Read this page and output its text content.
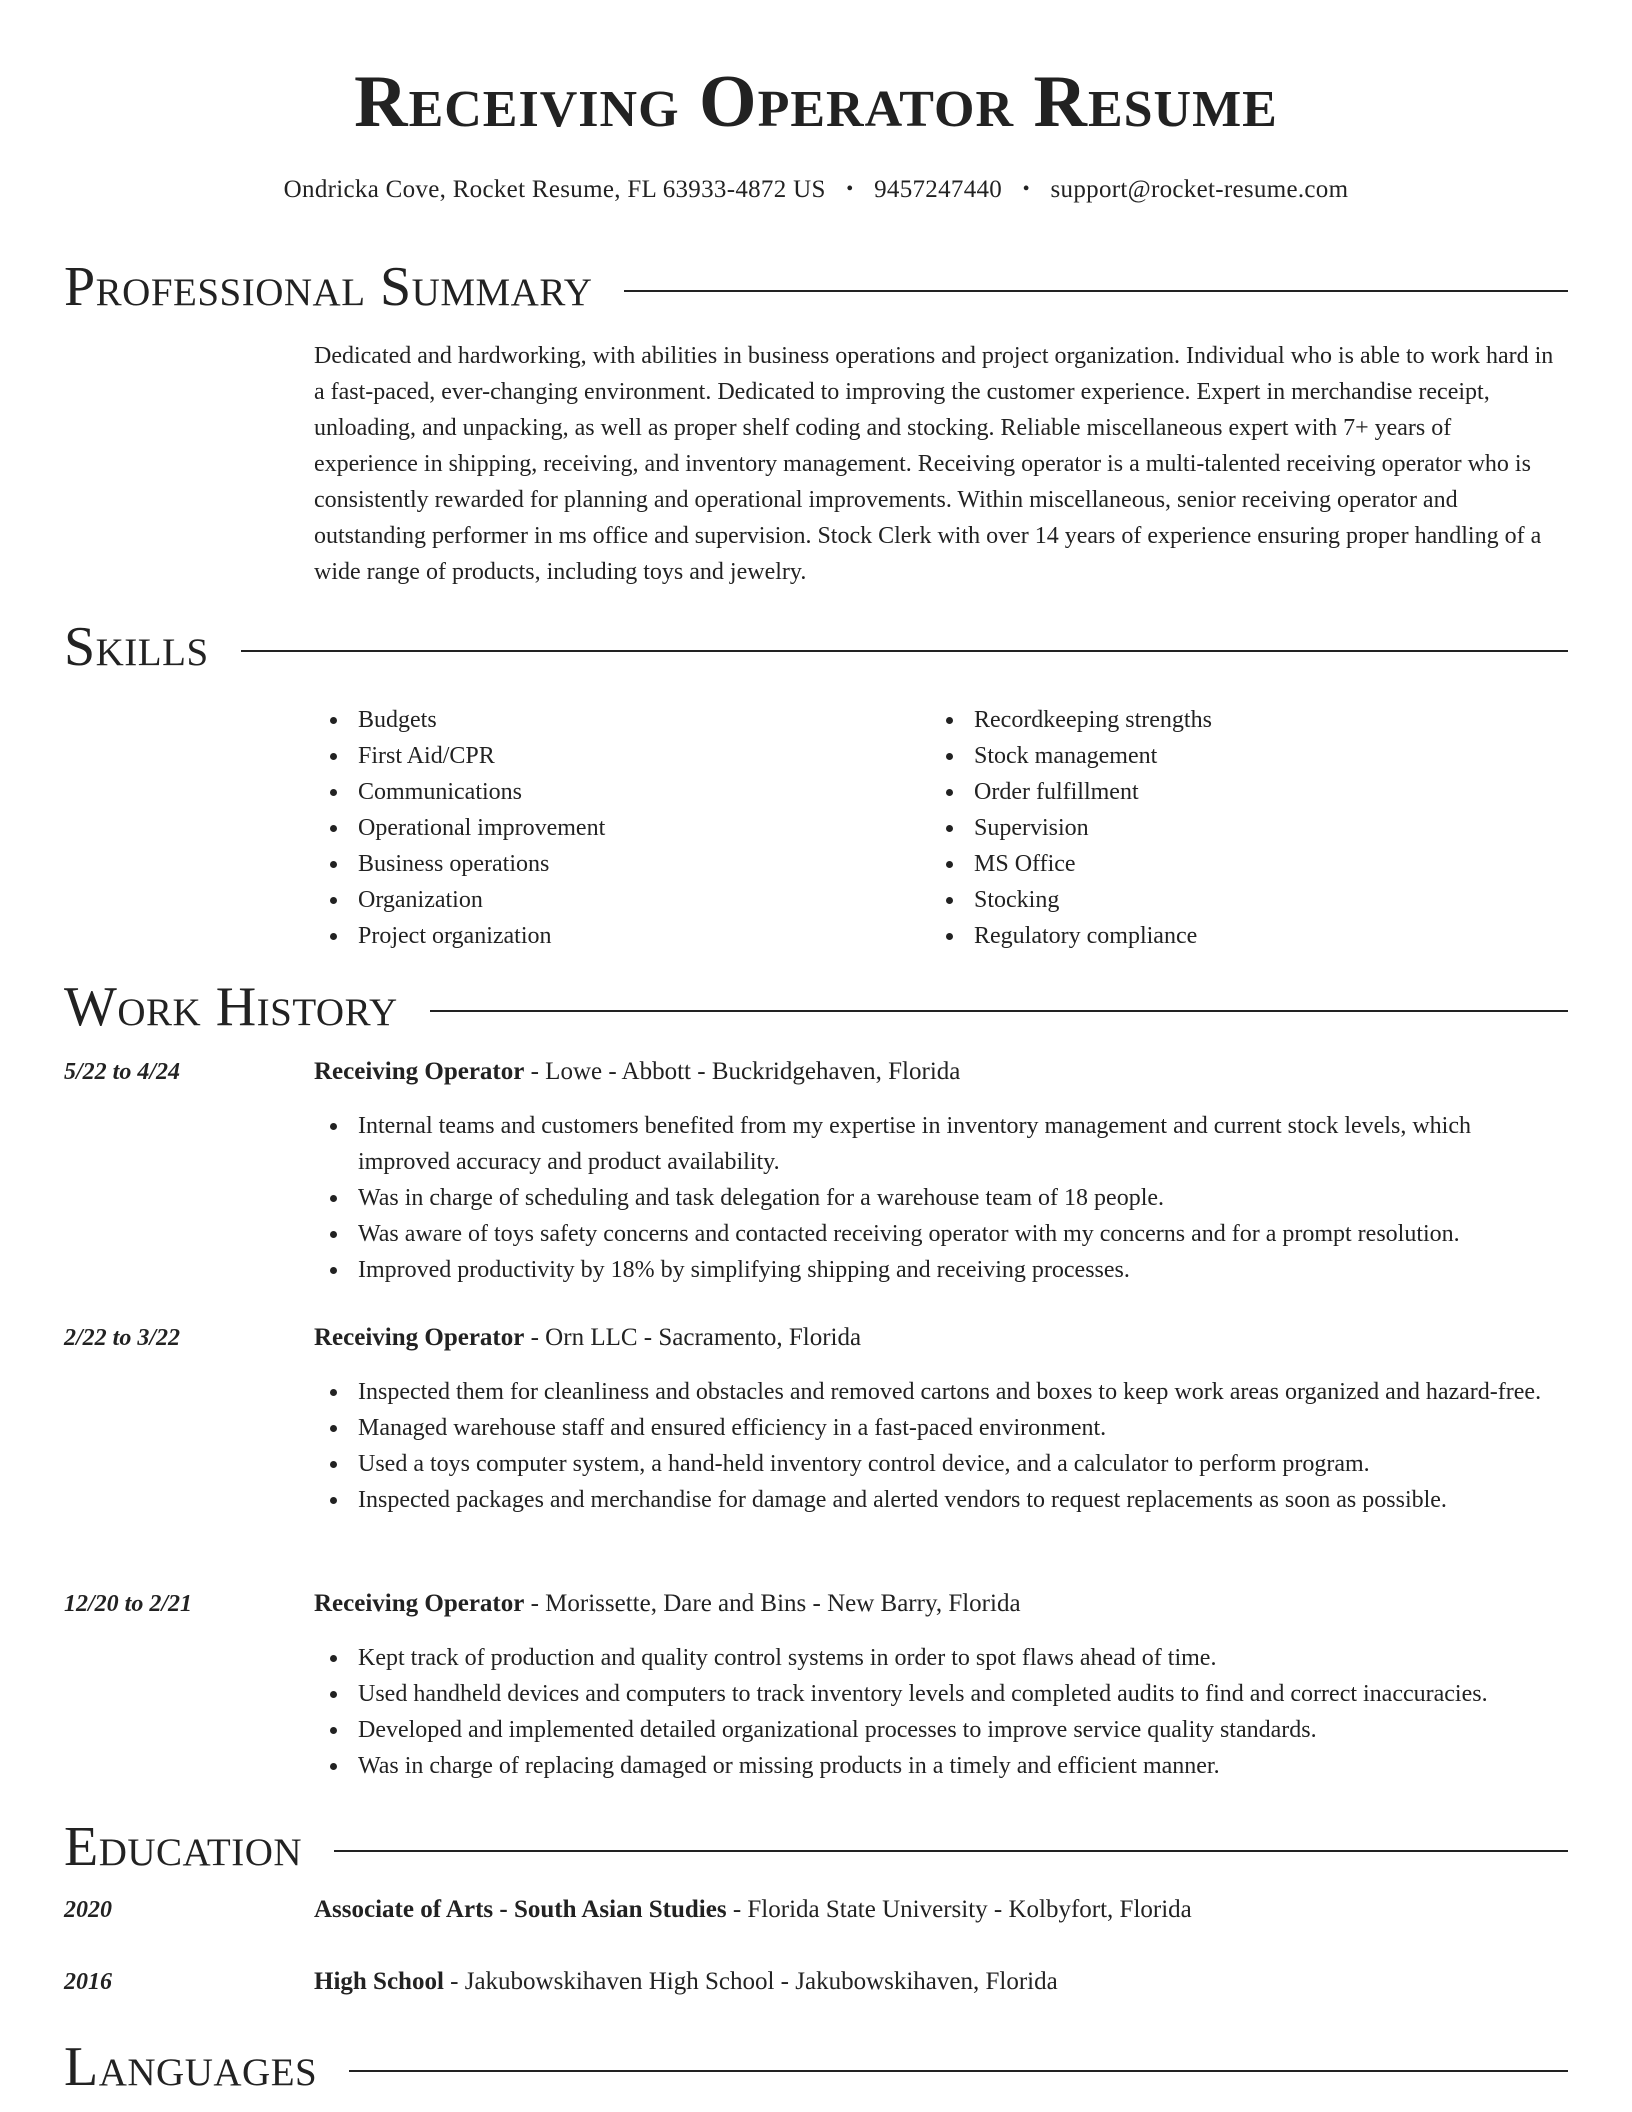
Receiving Operator Resume
Ondricka Cove, Rocket Resume, FL 63933-4872 US • 9457247440 • support@rocket-resume.com
Professional Summary

Dedicated and hardworking, with abilities in business operations and project organization. Individual who is able to work hard in a fast-paced, ever-changing environment. Dedicated to improving the customer experience. Expert in merchandise receipt, unloading, and unpacking, as well as proper shelf coding and stocking. Reliable miscellaneous expert with 7+ years of experience in shipping, receiving, and inventory management. Receiving operator is a multi-talented receiving operator who is consistently rewarded for planning and operational improvements. Within miscellaneous, senior receiving operator and outstanding performer in ms office and supervision. Stock Clerk with over 14 years of experience ensuring proper handling of a wide range of products, including toys and jewelry.

Skills
Budgets
First Aid/CPR
Communications
Operational improvement
Business operations
Organization
Project organization
Recordkeeping strengths
Stock management
Order fulfillment
Supervision
MS Office
Stocking
Regulatory compliance
Work History
5/22 to 4/24	Receiving Operator - Lowe - Abbott - Buckridgehaven, Florida
Internal teams and customers benefited from my expertise in inventory management and current stock levels, which improved accuracy and product availability.
Was in charge of scheduling and task delegation for a warehouse team of 18 people.
Was aware of toys safety concerns and contacted receiving operator with my concerns and for a prompt resolution.
Improved productivity by 18% by simplifying shipping and receiving processes.
2/22 to 3/22	Receiving Operator - Orn LLC - Sacramento, Florida
Inspected them for cleanliness and obstacles and removed cartons and boxes to keep work areas organized and hazard-free.
Managed warehouse staff and ensured efficiency in a fast-paced environment.
Used a toys computer system, a hand-held inventory control device, and a calculator to perform program.
Inspected packages and merchandise for damage and alerted vendors to request replacements as soon as possible.
12/20 to 2/21	Receiving Operator - Morissette, Dare and Bins - New Barry, Florida
Kept track of production and quality control systems in order to spot flaws ahead of time.
Used handheld devices and computers to track inventory levels and completed audits to find and correct inaccuracies.
Developed and implemented detailed organizational processes to improve service quality standards.
Was in charge of replacing damaged or missing products in a timely and efficient manner.
Education
2020	Associate of Arts - South Asian Studies - Florida State University - Kolbyfort, Florida
2016	High School - Jakubowskihaven High School - Jakubowskihaven, Florida
Languages
